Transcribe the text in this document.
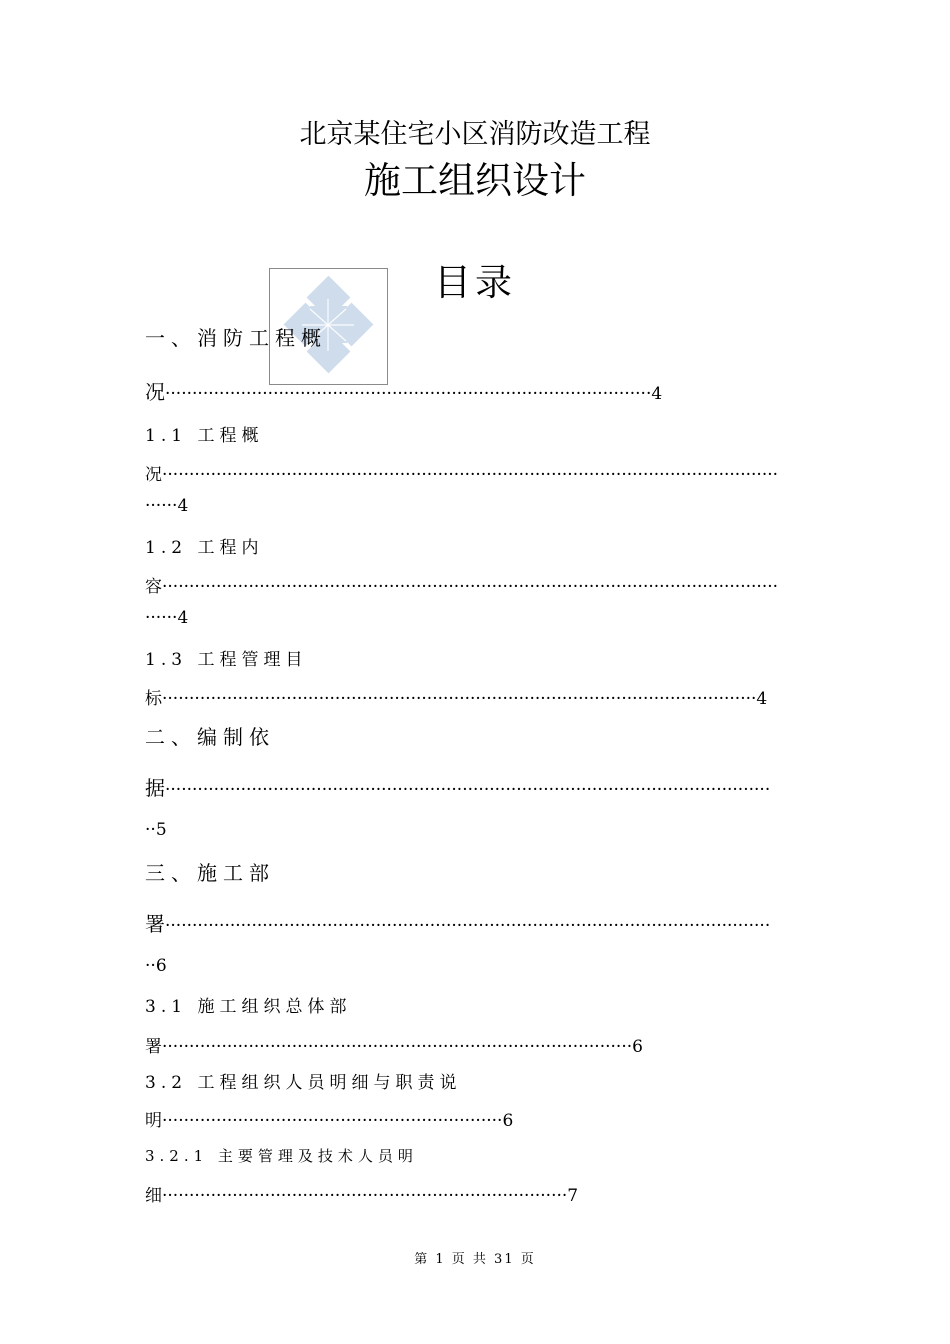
北京某住宅小区消防改造工程
施工组织设计
目录
一、消防工程概
况··························································································4
1.1 工程概
况··················································································································
······4
1.2 工程内
容··················································································································
······4
1.3 工程管理目
标··············································································································4
二、编制依
据················································································································
··5
三、施工部
署················································································································
··6
3.1 施工组织总体部
署·······················································································6
3.2 工程组织人员明细与职责说
明·······························································6
3.2.1 主要管理及技术人员明
细···········································································7
第 1 页 共 31 页
